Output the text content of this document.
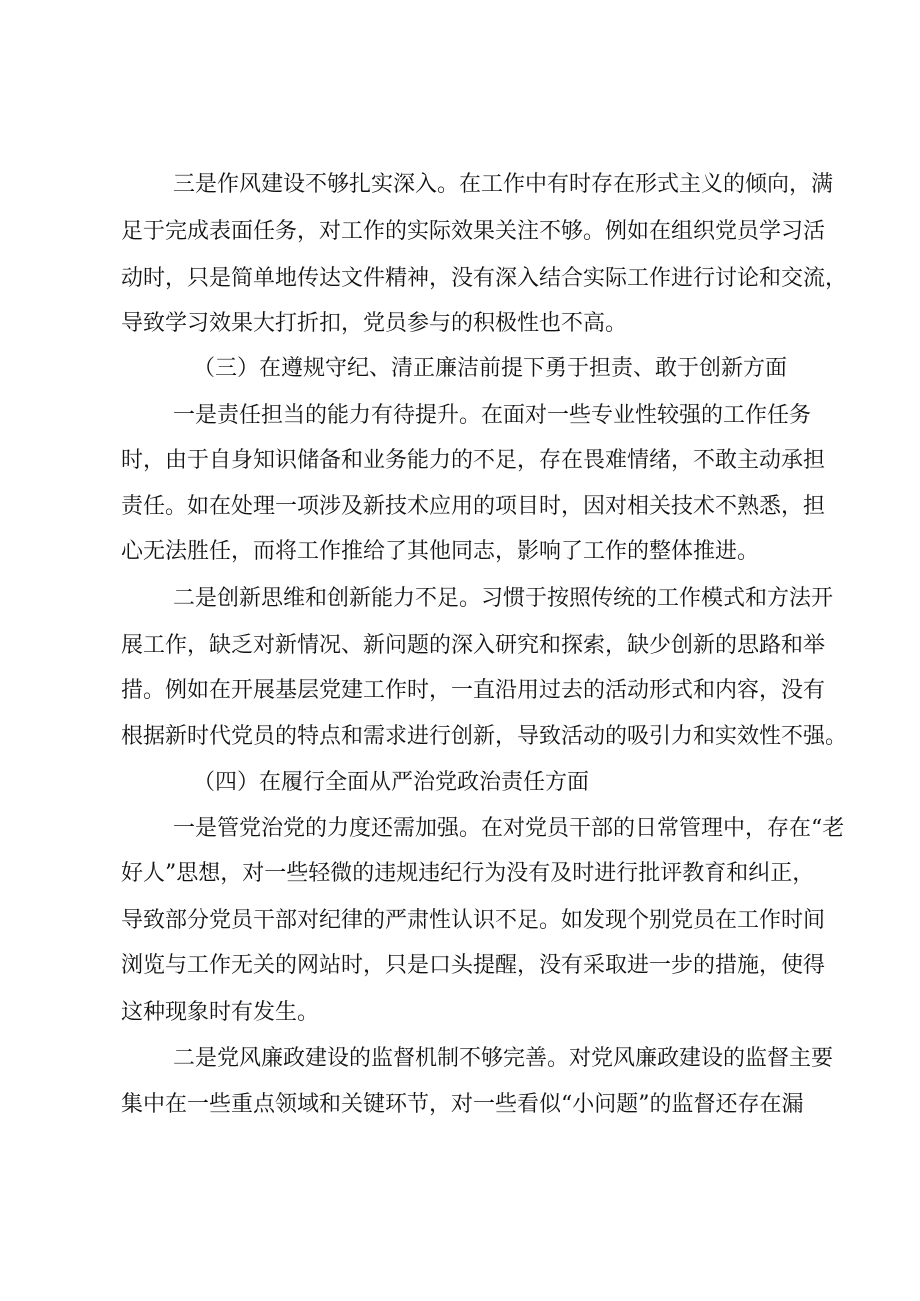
三是作风建设不够扎实深入。在工作中有时存在形式主义的倾向，满
足于完成表面任务，对工作的实际效果关注不够。例如在组织党员学习活
动时，只是简单地传达文件精神，没有深入结合实际工作进行讨论和交流，
导致学习效果大打折扣，党员参与的积极性也不高。
（三）在遵规守纪、清正廉洁前提下勇于担责、敢于创新方面
一是责任担当的能力有待提升。在面对一些专业性较强的工作任务
时，由于自身知识储备和业务能力的不足，存在畏难情绪，不敢主动承担
责任。如在处理一项涉及新技术应用的项目时，因对相关技术不熟悉，担
心无法胜任，而将工作推给了其他同志，影响了工作的整体推进。
二是创新思维和创新能力不足。习惯于按照传统的工作模式和方法开
展工作，缺乏对新情况、新问题的深入研究和探索，缺少创新的思路和举
措。例如在开展基层党建工作时，一直沿用过去的活动形式和内容，没有
根据新时代党员的特点和需求进行创新，导致活动的吸引力和实效性不强。
（四）在履行全面从严治党政治责任方面
一是管党治党的力度还需加强。在对党员干部的日常管理中，存在“老
好人”思想，对一些轻微的违规违纪行为没有及时进行批评教育和纠正，
导致部分党员干部对纪律的严肃性认识不足。如发现个别党员在工作时间
浏览与工作无关的网站时，只是口头提醒，没有采取进一步的措施，使得
这种现象时有发生。
二是党风廉政建设的监督机制不够完善。对党风廉政建设的监督主要
集中在一些重点领域和关键环节，对一些看似“小问题”的监督还存在漏
